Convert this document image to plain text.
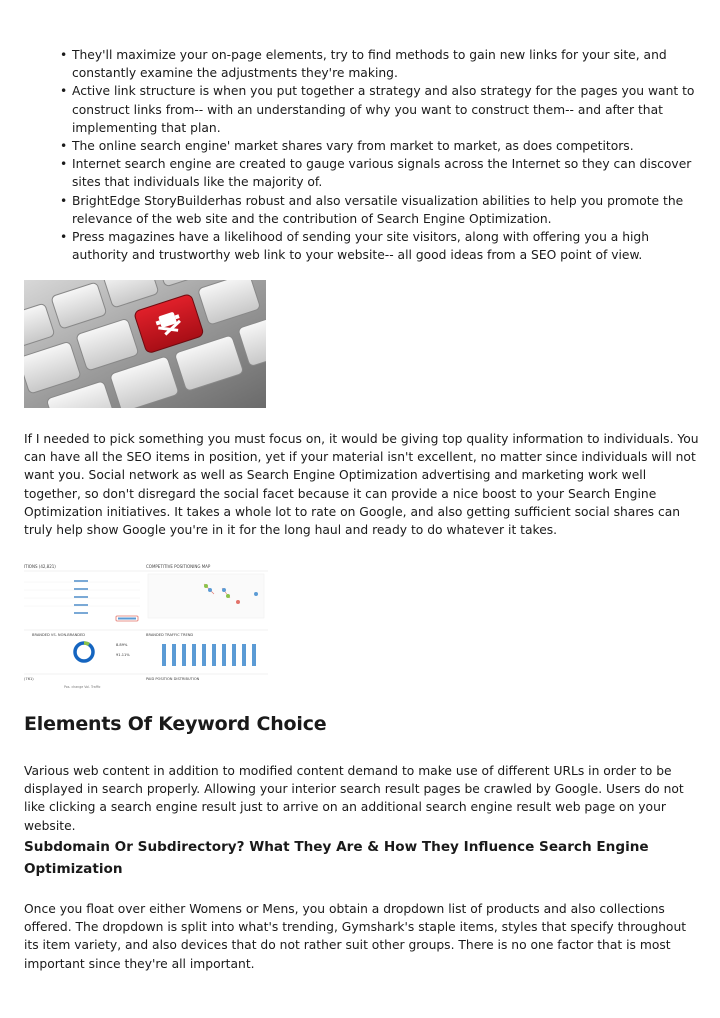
• They'll maximize your on-page elements, try to find methods to gain new links for your site, and constantly examine the adjustments they're making.
• Active link structure is when you put together a strategy and also strategy for the pages you want to construct links from-- with an understanding of why you want to construct them-- and after that implementing that plan.
• The online search engine' market shares vary from market to market, as does competitors.
• Internet search engine are created to gauge various signals across the Internet so they can discover sites that individuals like the majority of.
• BrightEdge StoryBuilderhas robust and also versatile visualization abilities to help you promote the relevance of the web site and the contribution of Search Engine Optimization.
• Press magazines have a likelihood of sending your site visitors, along with offering you a high authority and trustworthy web link to your website-- all good ideas from a SEO point of view.

If I needed to pick something you must focus on, it would be giving top quality information to individuals. You can have all the SEO items in position, yet if your material isn't excellent, no matter since individuals will not want you. Social network as well as Search Engine Optimization advertising and marketing work well together, so don't disregard the social facet because it can provide a nice boost to your Search Engine Optimization initiatives. It takes a whole lot to rate on Google, and also getting sufficient social shares can truly help show Google you're in it for the long haul and ready to do whatever it takes.

ITIONS (42,821)	COMPETITIVE POSITIONING MAP
BRANDED VS. NON-BRANDED	BRANDED TRAFFIC TREND
8.89%
91.11%
(761)	PAID POSITION DISTRIBUTION
Pos. change Vol. Traffic
Elements Of Keyword Choice

Various web content in addition to modified content demand to make use of different URLs in order to be displayed in search properly. Allowing your interior search result pages be crawled by Google. Users do not like clicking a search engine result just to arrive on an additional search engine result web page on your website.

Subdomain Or Subdirectory? What They Are & How They Influence Search Engine Optimization

Once you float over either Womens or Mens, you obtain a dropdown list of products and also collections offered. The dropdown is split into what's trending, Gymshark's staple items, styles that specify throughout its item variety, and also devices that do not rather suit other groups. There is no one factor that is most important since they're all important.
